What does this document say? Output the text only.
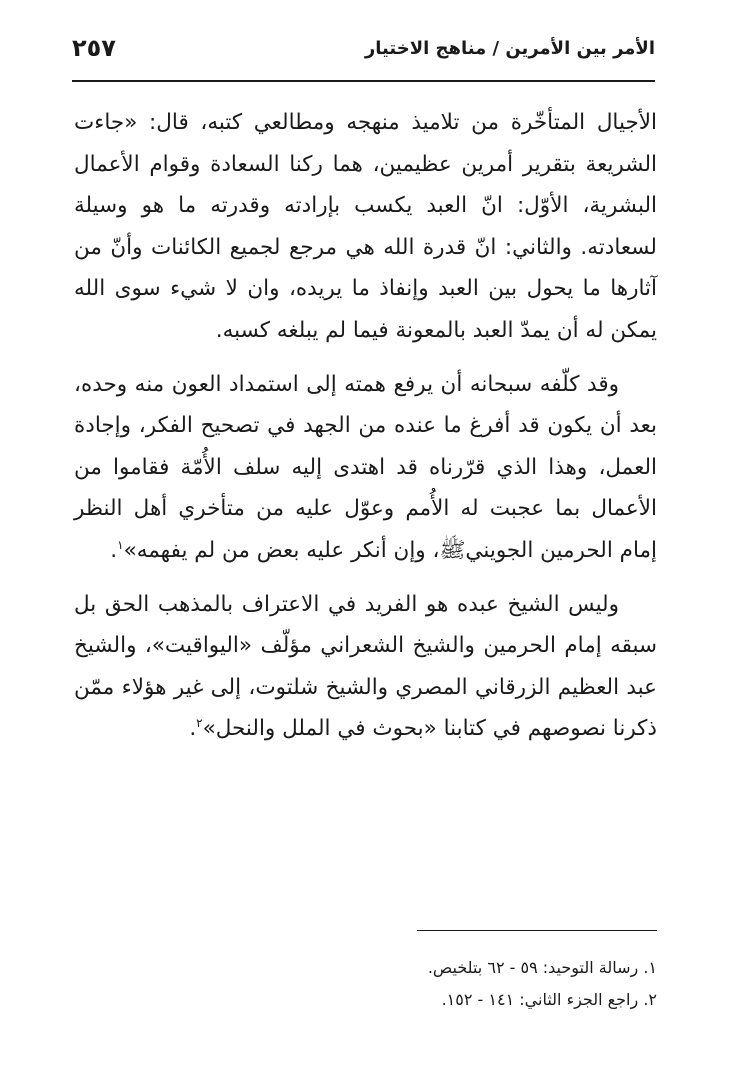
الأمر بين الأمرين / مناهج الاختيار
٢٥٧

الأجيال المتأخّرة من تلاميذ منهجه ومطالعي كتبه، قال: «جاءت الشريعة بتقرير أمرين عظيمين، هما ركنا السعادة وقوام الأعمال البشرية، الأوّل: انّ العبد يكسب بإرادته وقدرته ما هو وسيلة لسعادته. والثاني: انّ قدرة الله هي مرجع لجميع الكائنات وأنّ من آثارها ما يحول بين العبد وإنفاذ ما يريده، وان لا شيء سوى الله يمكن له أن يمدّ العبد بالمعونة فيما لم يبلغه كسبه.

وقد كلّفه سبحانه أن يرفع همته إلى استمداد العون منه وحده، بعد أن يكون قد أفرغ ما عنده من الجهد في تصحيح الفكر، وإجادة العمل، وهذا الذي قرّرناه قد اهتدى إليه سلف الأُمّة فقاموا من الأعمال بما عجبت له الأُمم وعوّل عليه من متأخري أهل النظر إمام الحرمين الجوينيﷺ، وإن أنكر عليه بعض من لم يفهمه»$^١$.

وليس الشيخ عبده هو الفريد في الاعتراف بالمذهب الحق بل سبقه إمام الحرمين والشيخ الشعراني مؤلّف «اليواقيت»، والشيخ عبد العظيم الزرقاني المصري والشيخ شلتوت، إلى غير هؤلاء ممّن ذكرنا نصوصهم في كتابنا «بحوث في الملل والنحل»$^٢$.

١. رسالة التوحيد: ٥٩ - ٦٢ بتلخيص.

٢. راجع الجزء الثاني: ١٤١ - ١٥٢.
